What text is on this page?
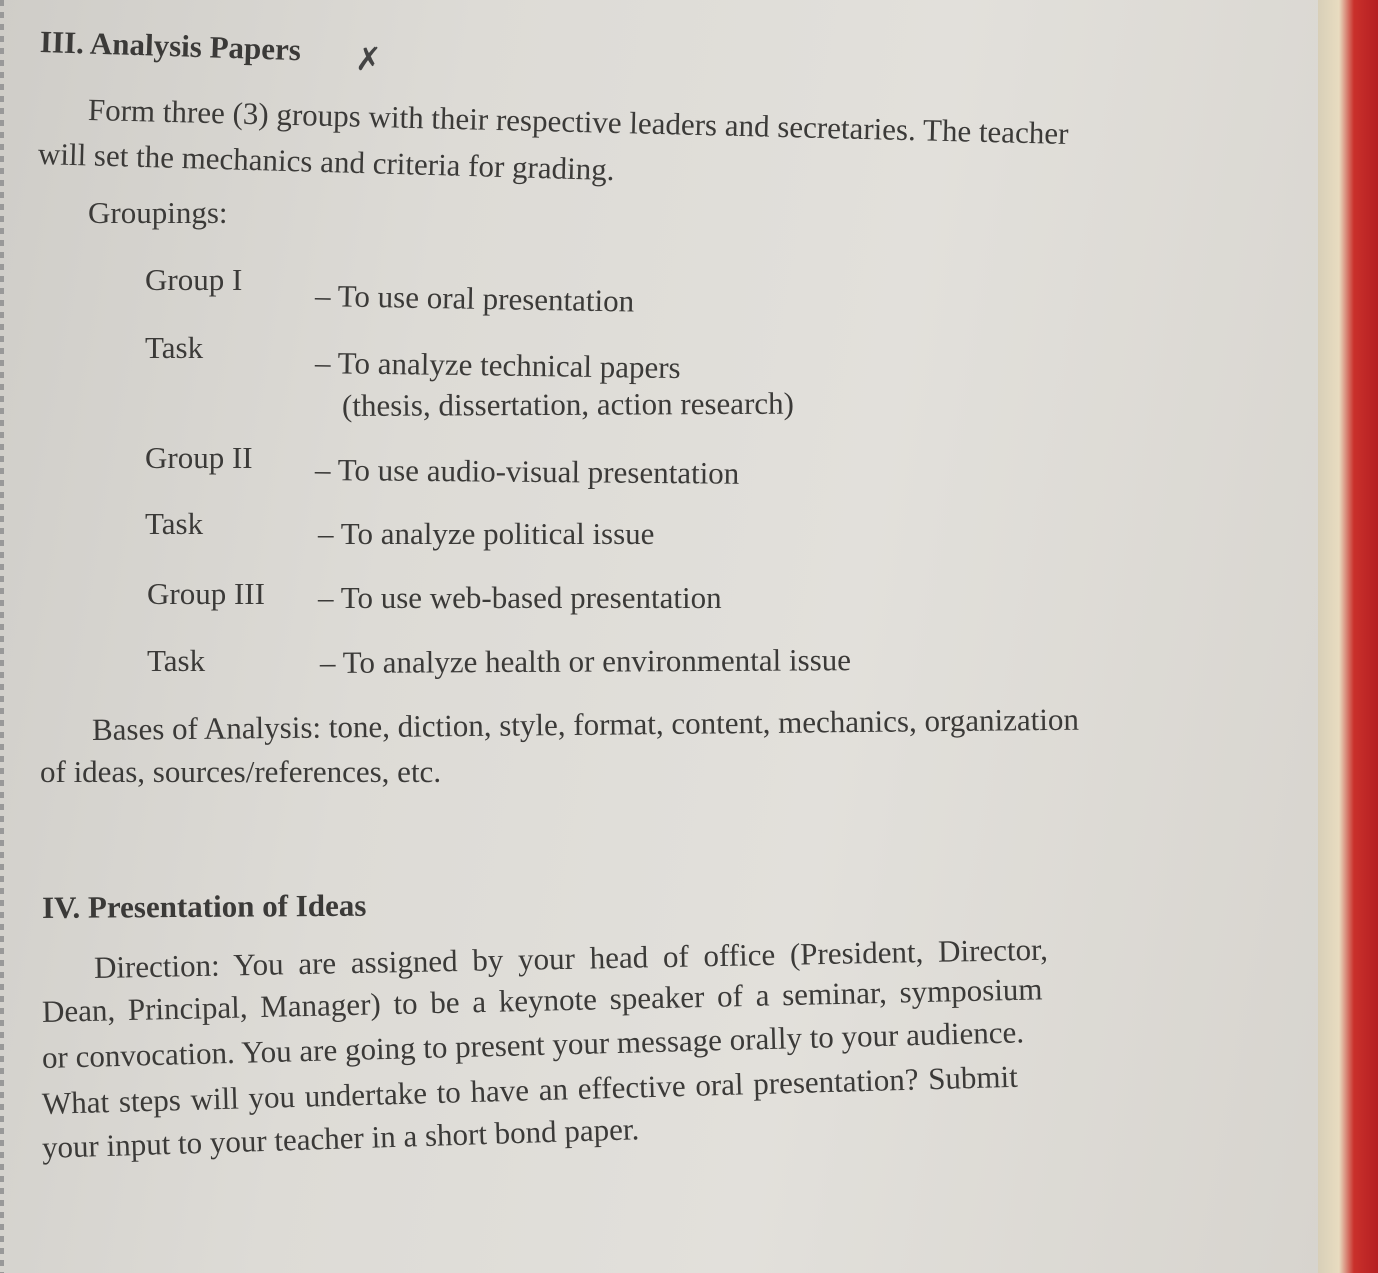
III. Analysis Papers ✗
Form three (3) groups with their respective leaders and secretaries. The teacher
will set the mechanics and criteria for grading.
Groupings:
Group I – To use oral presentation
Task	– To analyze technical papers
(thesis, dissertation, action research)
Group II – To use audio-visual presentation
Task	– To analyze political issue
Group III – To use web-based presentation
Task	– To analyze health or environmental issue
Bases of Analysis: tone, diction, style, format, content, mechanics, organization
of ideas, sources/references, etc.
IV. Presentation of Ideas
Direction: You are assigned by your head of office (President, Director,
Dean, Principal, Manager) to be a keynote speaker of a seminar, symposium
or convocation. You are going to present your message orally to your audience.
What steps will you undertake to have an effective oral presentation? Submit
your input to your teacher in a short bond paper.
